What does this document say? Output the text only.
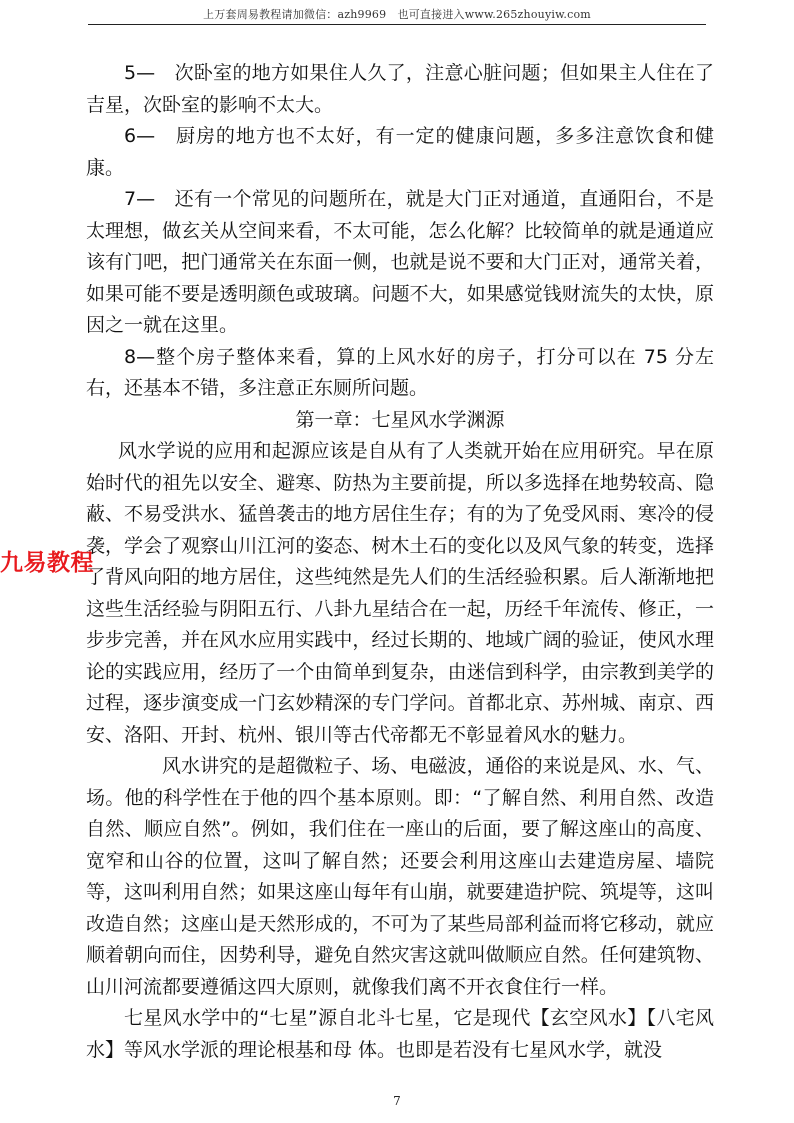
上万套周易教程请加微信：azh9969　也可直接进入www.265zhouyiw.com

5—　次卧室的地方如果住人久了，注意心脏问题；但如果主人住在了吉星，次卧室的影响不太大。

6—　厨房的地方也不太好，有一定的健康问题，多多注意饮食和健康。

7—　还有一个常见的问题所在，就是大门正对通道，直通阳台，不是太理想，做玄关从空间来看，不太可能，怎么化解？比较简单的就是通道应该有门吧，把门通常关在东面一侧，也就是说不要和大门正对，通常关着，如果可能不要是透明颜色或玻璃。问题不大，如果感觉钱财流失的太快，原因之一就在这里。

8—整个房子整体来看，算的上风水好的房子，打分可以在 75 分左右，还基本不错，多注意正东厕所问题。

第一章：七星风水学渊源

风水学说的应用和起源应该是自从有了人类就开始在应用研究。早在原始时代的祖先以安全、避寒、防热为主要前提，所以多选择在地势较高、隐蔽、不易受洪水、猛兽袭击的地方居住生存；有的为了免受风雨、寒冷的侵袭，学会了观察山川江河的姿态、树木土石的变化以及风气象的转变，选择了背风向阳的地方居住，这些纯然是先人们的生活经验积累。后人渐渐地把这些生活经验与阴阳五行、八卦九星结合在一起，历经千年流传、修正，一步步完善，并在风水应用实践中，经过长期的、地域广阔的验证，使风水理论的实践应用，经历了一个由简单到复杂，由迷信到科学，由宗教到美学的过程，逐步演变成一门玄妙精深的专门学问。首都北京、苏州城、南京、西安、洛阳、开封、杭州、银川等古代帝都无不彰显着风水的魅力。

风水讲究的是超微粒子、场、电磁波，通俗的来说是风、水、气、场。他的科学性在于他的四个基本原则。即：“了解自然、利用自然、改造自然、顺应自然”。例如，我们住在一座山的后面，要了解这座山的高度、宽窄和山谷的位置，这叫了解自然；还要会利用这座山去建造房屋、墙院等，这叫利用自然；如果这座山每年有山崩，就要建造护院、筑堤等，这叫改造自然；这座山是天然形成的，不可为了某些局部利益而将它移动，就应顺着朝向而住，因势利导，避免自然灾害这就叫做顺应自然。任何建筑物、山川河流都要遵循这四大原则，就像我们离不开衣食住行一样。

七星风水学中的“七星”源自北斗七星，它是现代【玄空风水】【八宅风水】等风水学派的理论根基和母 体。也即是若没有七星风水学，就没

九易教程
7
